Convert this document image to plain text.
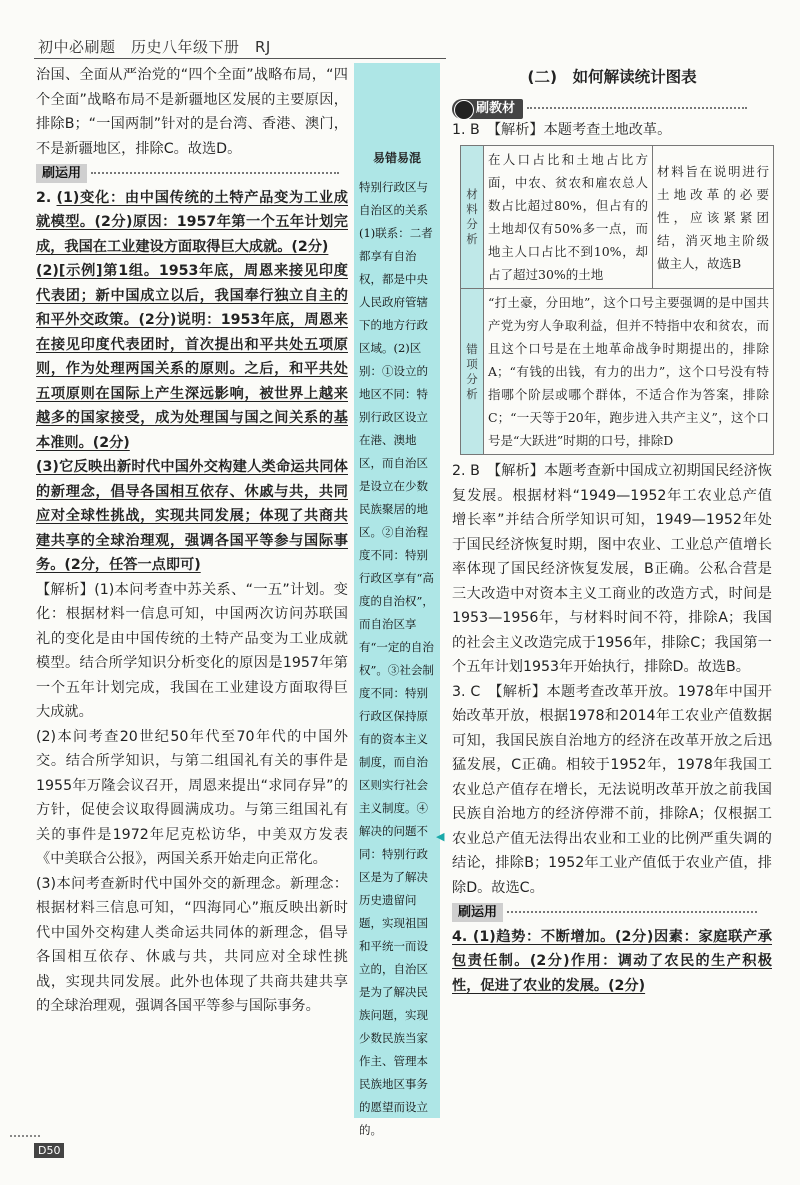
初中必刷题　历史八年级下册　RJ

治国、全面从严治党的“四个全面”战略布局，“四个全面”战略布局不是新疆地区发展的主要原因，排除B；“一国两制”针对的是台湾、香港、澳门，不是新疆地区，排除C。故选D。

刷运用

2. (1)变化：由中国传统的土特产品变为工业成就模型。(2分)原因：1957年第一个五年计划完成，我国在工业建设方面取得巨大成就。(2分)

(2)[示例]第1组。1953年底，周恩来接见印度代表团；新中国成立以后，我国奉行独立自主的和平外交政策。(2分)说明：1953年底，周恩来在接见印度代表团时，首次提出和平共处五项原则，作为处理两国关系的原则。之后，和平共处五项原则在国际上产生深远影响，被世界上越来越多的国家接受，成为处理国与国之间关系的基本准则。(2分)

(3)它反映出新时代中国外交构建人类命运共同体的新理念，倡导各国相互依存、休戚与共，共同应对全球性挑战，实现共同发展；体现了共商共建共享的全球治理观，强调各国平等参与国际事务。(2分，任答一点即可)

【解析】(1)本问考查中苏关系、“一五”计划。变化：根据材料一信息可知，中国两次访问苏联国礼的变化是由中国传统的土特产品变为工业成就模型。结合所学知识分析变化的原因是1957年第一个五年计划完成，我国在工业建设方面取得巨大成就。

(2)本问考查20世纪50年代至70年代的中国外交。结合所学知识，与第二组国礼有关的事件是1955年万隆会议召开，周恩来提出“求同存异”的方针，促使会议取得圆满成功。与第三组国礼有关的事件是1972年尼克松访华，中美双方发表《中美联合公报》，两国关系开始走向正常化。

(3)本问考查新时代中国外交的新理念。新理念：根据材料三信息可知，“四海同心”瓶反映出新时代中国外交构建人类命运共同体的新理念，倡导各国相互依存、休戚与共，共同应对全球性挑战，实现共同发展。此外也体现了共商共建共享的全球治理观，强调各国平等参与国际事务。

易错易混
特别行政区与自治区的关系(1)联系：二者都享有自治权，都是中央人民政府管辖下的地方行政区域。(2)区别：①设立的地区不同：特别行政区设立在港、澳地区，而自治区是设立在少数民族聚居的地区。②自治程度不同：特别行政区享有“高度的自治权”，而自治区享有“一定的自治权”。③社会制度不同：特别行政区保持原有的资本主义制度，而自治区则实行社会主义制度。④解决的问题不同：特别行政区是为了解决历史遗留问题，实现祖国和平统一而设立的，自治区是为了解决民族问题，实现少数民族当家作主、管理本民族地区事务的愿望而设立的。
◀
(二)　如何解读统计图表
刷教材

1. B　【解析】本题考查土地改革。

材料分析	在人口占比和土地占比方面，中农、贫农和雇农总人数占比超过80%，但占有的土地却仅有50%多一点，而地主人口占比不到10%，却占了超过30%的土地	材料旨在说明进行土地改革的必要性，应该紧紧团结，消灭地主阶级做主人，故选B
错项分析	“打土豪，分田地”，这个口号主要强调的是中国共产党为穷人争取利益，但并不特指中农和贫农，而且这个口号是在土地革命战争时期提出的，排除A；“有钱的出钱，有力的出力”，这个口号没有特指哪个阶层或哪个群体，不适合作为答案，排除C；“一天等于20年，跑步进入共产主义”，这个口号是“大跃进”时期的口号，排除D	

2. B　【解析】本题考查新中国成立初期国民经济恢复发展。根据材料“1949—1952年工农业总产值增长率”并结合所学知识可知，1949—1952年处于国民经济恢复时期，图中农业、工业总产值增长率体现了国民经济恢复发展，B正确。公私合营是三大改造中对资本主义工商业的改造方式，时间是1953—1956年，与材料时间不符，排除A；我国的社会主义改造完成于1956年，排除C；我国第一个五年计划1953年开始执行，排除D。故选B。

3. C　【解析】本题考查改革开放。1978年中国开始改革开放，根据1978和2014年工农业产值数据可知，我国民族自治地方的经济在改革开放之后迅猛发展，C正确。相较于1952年，1978年我国工农业总产值存在增长，无法说明改革开放之前我国民族自治地方的经济停滞不前，排除A；仅根据工农业总产值无法得出农业和工业的比例严重失调的结论，排除B；1952年工业产值低于农业产值，排除D。故选C。

刷运用

4. (1)趋势：不断增加。(2分)因素：家庭联产承包责任制。(2分)作用：调动了农民的生产积极性，促进了农业的发展。(2分)

D50
